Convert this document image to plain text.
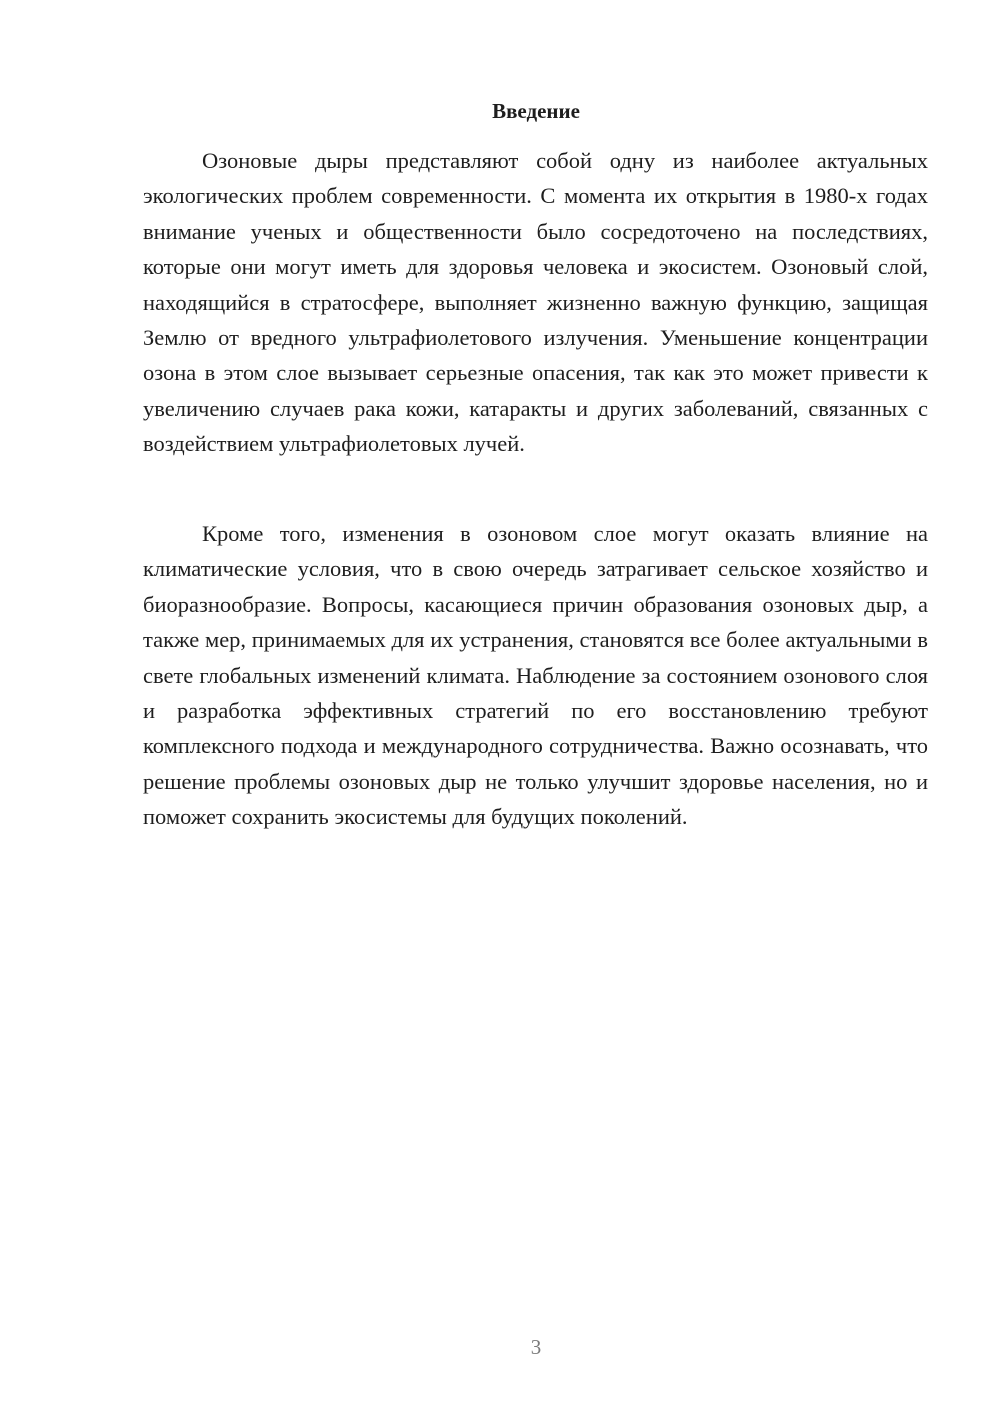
Введение

Озоновые дыры представляют собой одну из наиболее актуальных экологических проблем современности. С момента их открытия в 1980-х годах внимание ученых и общественности было сосредоточено на последствиях, которые они могут иметь для здоровья человека и экосистем. Озоновый слой, находящийся в стратосфере, выполняет жизненно важную функцию, защищая Землю от вредного ультрафиолетового излучения. Уменьшение концентрации озона в этом слое вызывает серьезные опасения, так как это может привести к увеличению случаев рака кожи, катаракты и других заболеваний, связанных с воздействием ультрафиолетовых лучей.

Кроме того, изменения в озоновом слое могут оказать влияние на климатические условия, что в свою очередь затрагивает сельское хозяйство и биоразнообразие. Вопросы, касающиеся причин образования озоновых дыр, а также мер, принимаемых для их устранения, становятся все более актуальными в свете глобальных изменений климата. Наблюдение за состоянием озонового слоя и разработка эффективных стратегий по его восстановлению требуют комплексного подхода и международного сотрудничества. Важно осознавать, что решение проблемы озоновых дыр не только улучшит здоровье населения, но и поможет сохранить экосистемы для будущих поколений.

3
